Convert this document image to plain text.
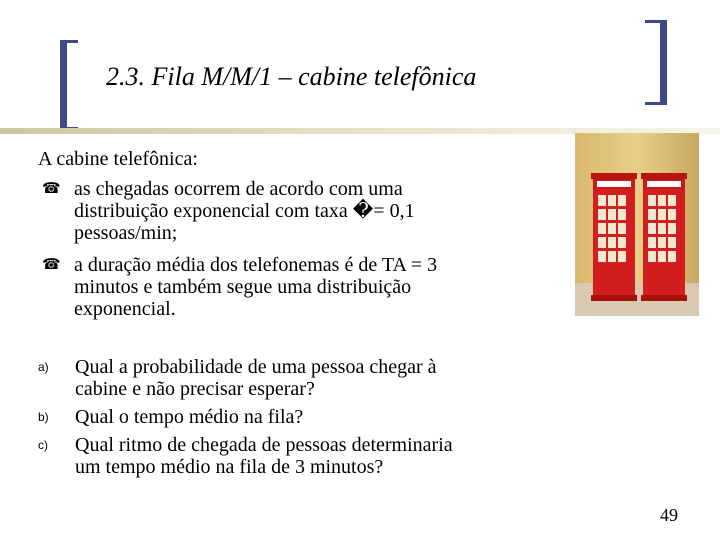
2.3. Fila M/M/1 – cabine telefônica
A cabine telefônica:
☎ as chegadas ocorrem de acordo com uma
distribuição exponencial com taxa �= 0,1
pessoas/min;
☎ a duração média dos telefonemas é de TA = 3
minutos e também segue uma distribuição
exponencial.
a) Qual a probabilidade de uma pessoa chegar à
cabine e não precisar esperar?
b) Qual o tempo médio na fila?
c) Qual ritmo de chegada de pessoas determinaria
um tempo médio na fila de 3 minutos?
49
